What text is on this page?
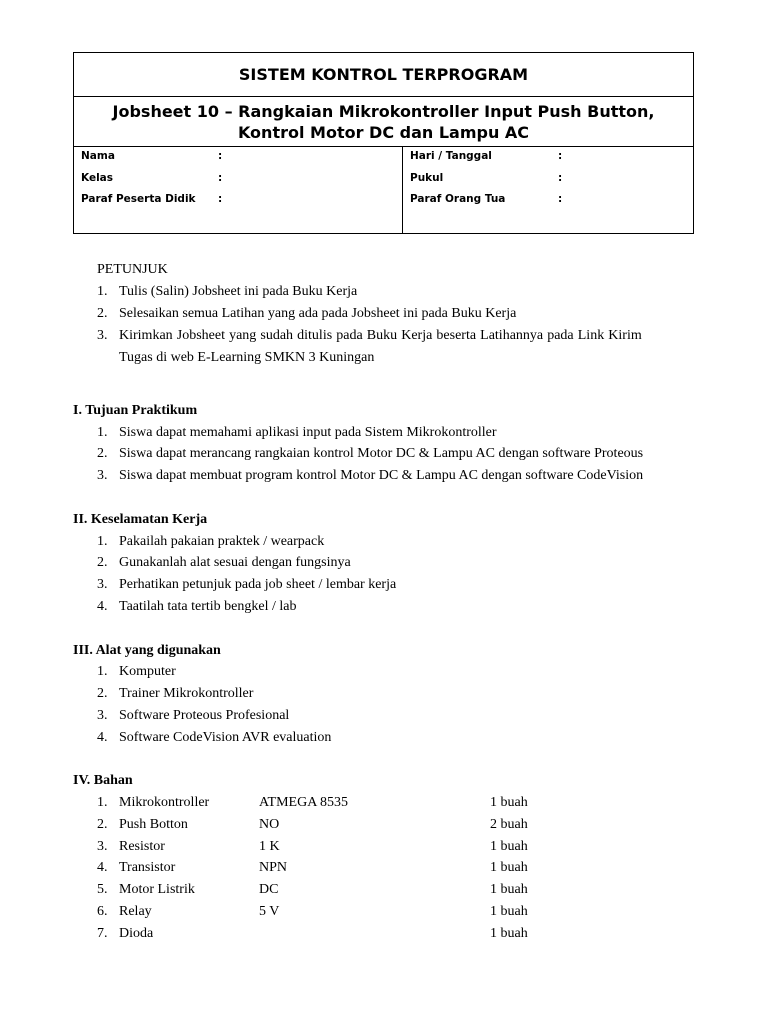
SISTEM KONTROL TERPROGRAM
Jobsheet 10 – Rangkaian Mikrokontroller Input Push Button,
Kontrol Motor DC dan Lampu AC
Nama	:
Kelas	:
Paraf Peserta Didik :
Hari / Tanggal	:
Pukul	:
Paraf Orang Tua	:
PETUNJUK
1. Tulis (Salin) Jobsheet ini pada Buku Kerja
2. Selesaikan semua Latihan yang ada pada Jobsheet ini pada Buku Kerja
3. Kirimkan Jobsheet yang sudah ditulis pada Buku Kerja beserta Latihannya pada Link Kirim
Tugas di web E-Learning SMKN 3 Kuningan
I. Tujuan Praktikum
1. Siswa dapat memahami aplikasi input pada Sistem Mikrokontroller
2. Siswa dapat merancang rangkaian kontrol Motor DC & Lampu AC dengan software Proteous
3. Siswa dapat membuat program kontrol Motor DC & Lampu AC dengan software CodeVision
II. Keselamatan Kerja
1. Pakailah pakaian praktek / wearpack
2. Gunakanlah alat sesuai dengan fungsinya
3. Perhatikan petunjuk pada job sheet / lembar kerja
4. Taatilah tata tertib bengkel / lab
III. Alat yang digunakan
1. Komputer
2. Trainer Mikrokontroller
3. Software Proteous Profesional
4. Software CodeVision AVR evaluation
IV. Bahan
1. Mikrokontroller	ATMEGA 8535	1 buah
2. Push Botton	NO	2 buah
3. Resistor	1 K	1 buah
4. Transistor	NPN	1 buah
5. Motor Listrik	DC	1 buah
6. Relay	5 V	1 buah
7. Dioda	1 buah
